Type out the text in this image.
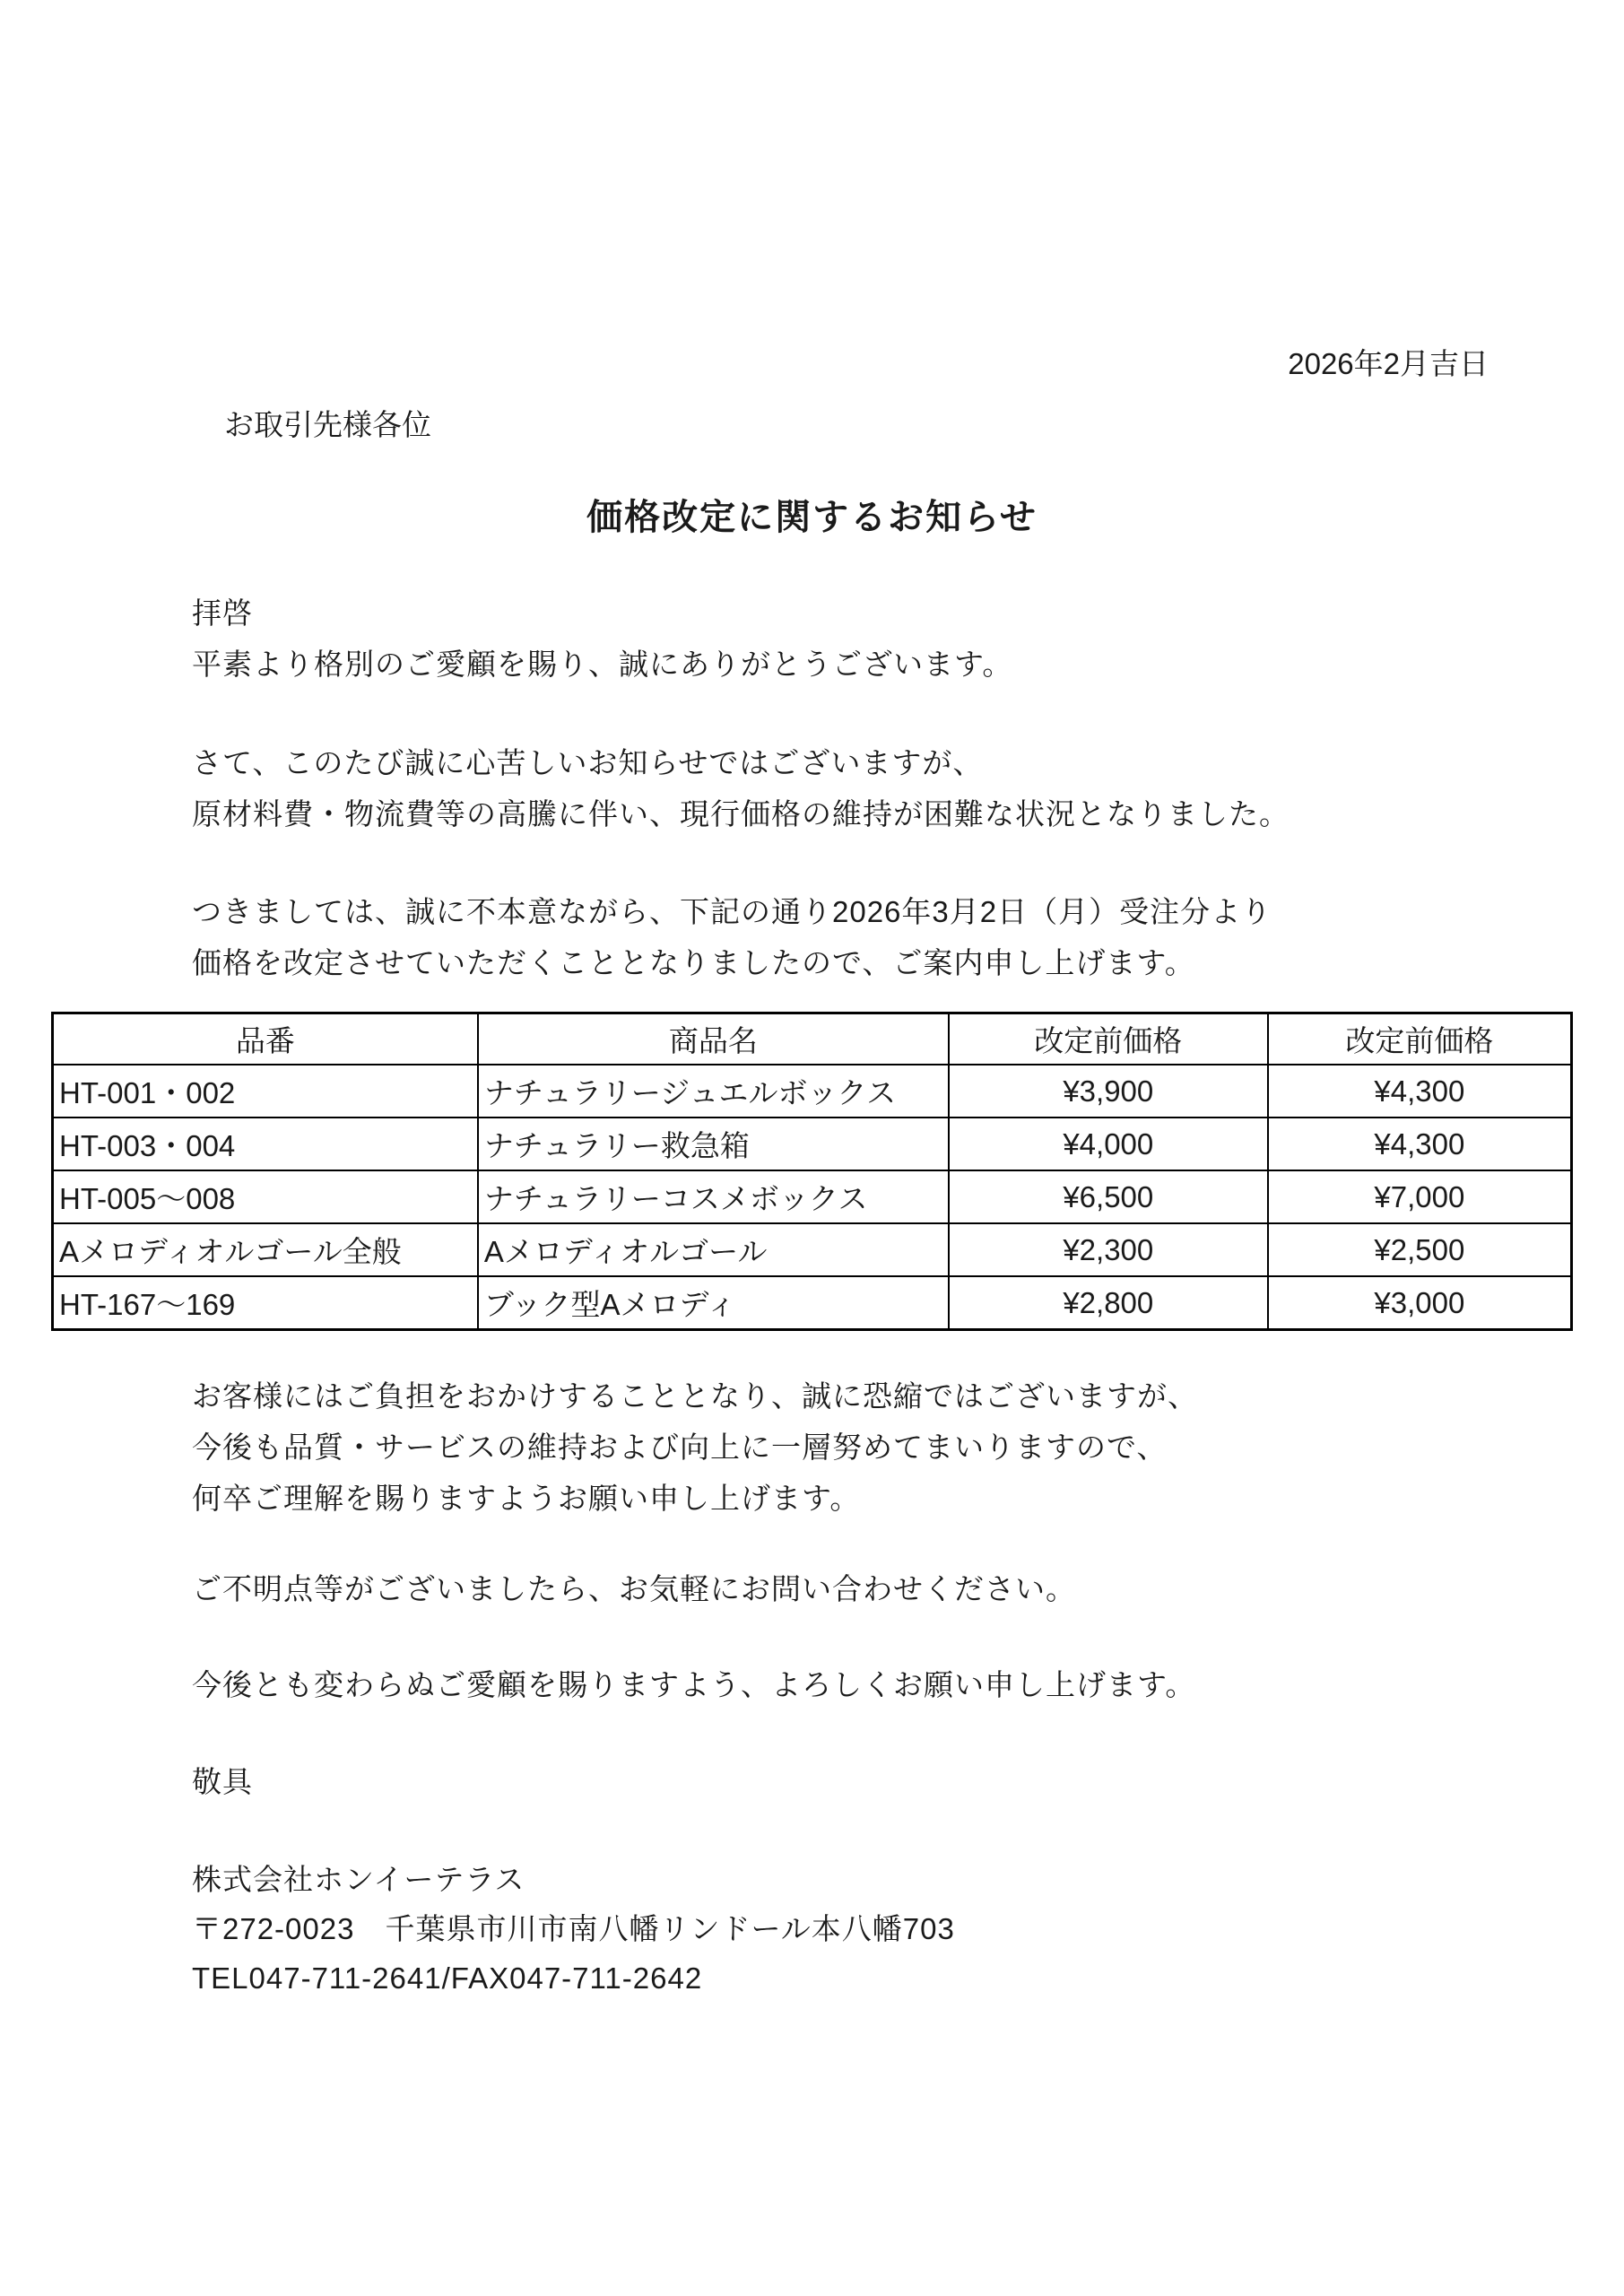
2026年2月吉日
お取引先様各位
価格改定に関するお知らせ
拝啓
平素より格別のご愛顧を賜り、誠にありがとうございます。
さて、このたび誠に心苦しいお知らせではございますが、
原材料費・物流費等の高騰に伴い、現行価格の維持が困難な状況となりました。
つきましては、誠に不本意ながら、下記の通り2026年3月2日（月）受注分より
価格を改定させていただくこととなりましたので、ご案内申し上げます。
品番	商品名	改定前価格	改定前価格
HT-001・002	ナチュラリージュエルボックス	¥3,900	¥4,300
HT-003・004	ナチュラリー救急箱	¥4,000	¥4,300
HT-005〜008	ナチュラリーコスメボックス	¥6,500	¥7,000
Aメロディオルゴール全般	Aメロディオルゴール	¥2,300	¥2,500
HT-167〜169	ブック型Aメロディ	¥2,800	¥3,000
お客様にはご負担をおかけすることとなり、誠に恐縮ではございますが、
今後も品質・サービスの維持および向上に一層努めてまいりますので、
何卒ご理解を賜りますようお願い申し上げます。
ご不明点等がございましたら、お気軽にお問い合わせください。
今後とも変わらぬご愛顧を賜りますよう、よろしくお願い申し上げます。
敬具
株式会社ホンイーテラス
〒272-0023　千葉県市川市南八幡リンドール本八幡703
TEL047-711-2641/FAX047-711-2642
